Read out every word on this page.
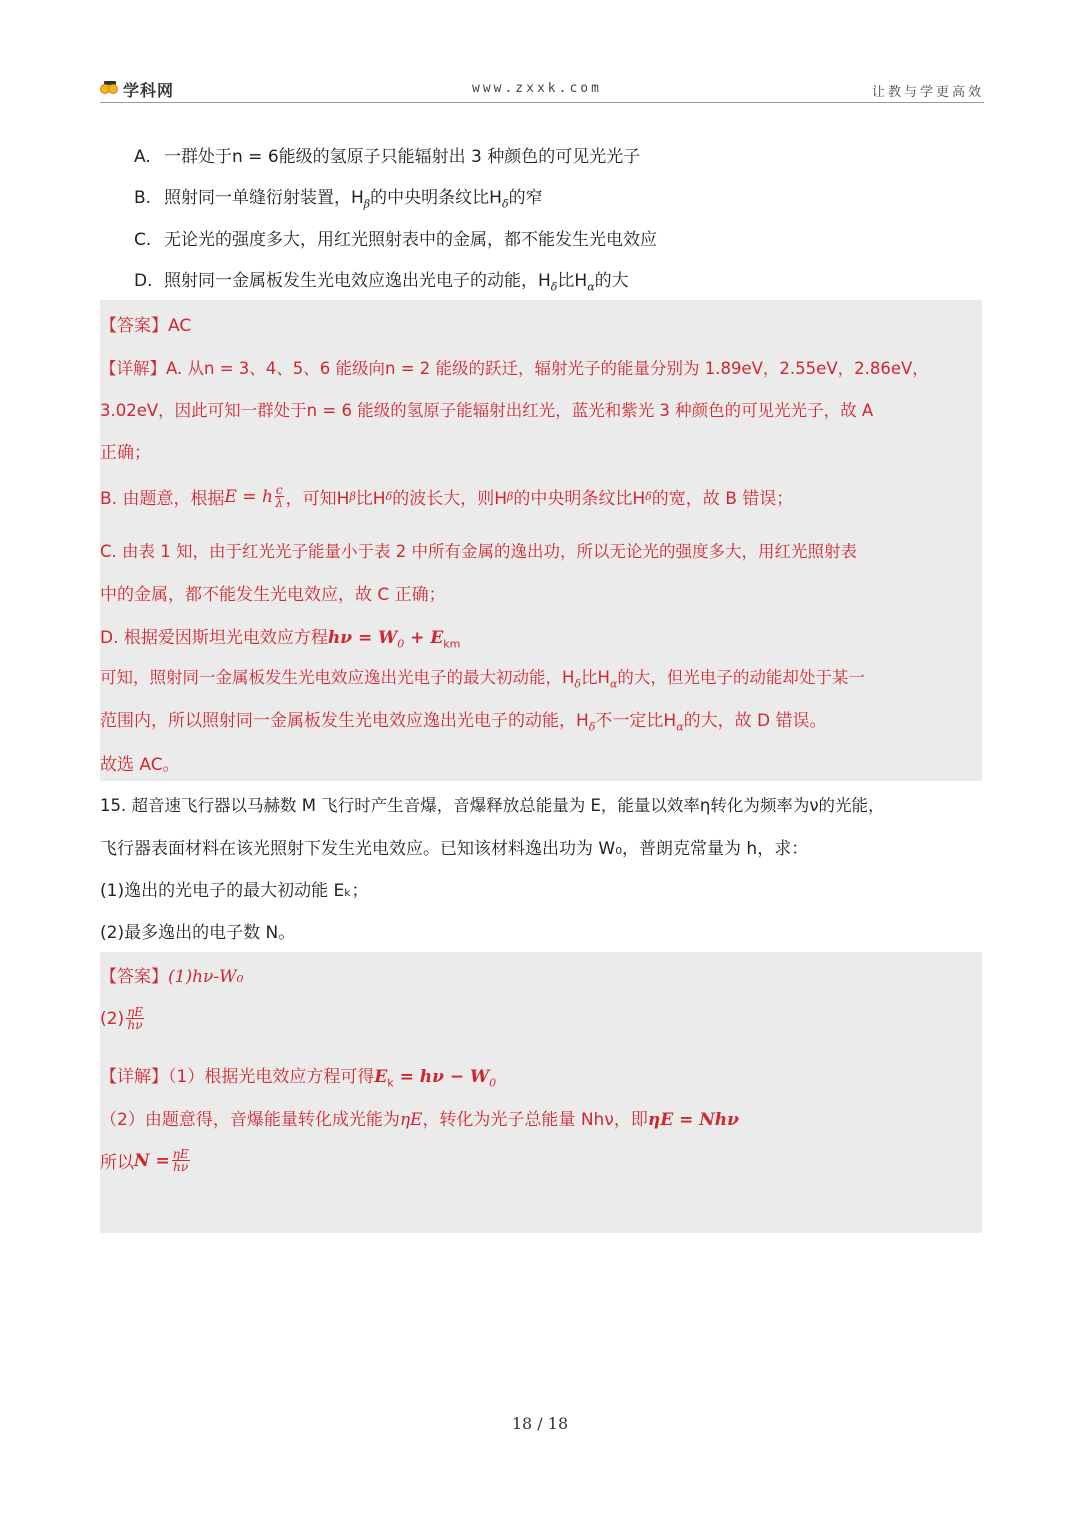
学科网	www.zxxk.com	让教与学更高效
A. 一群处于n = 6能级的氢原子只能辐射出 3 种颜色的可见光光子
B. 照射同一单缝衍射装置，$H_\beta$的中央明条纹比$H_\delta$的窄
C. 无论光的强度多大，用红光照射表中的金属，都不能发生光电效应
D. 照射同一金属板发生光电效应逸出光电子的动能，$H_\delta$比$H_\alpha$的大
【答案】AC
【详解】A. 从n = 3、4、5、6 能级向n = 2 能级的跃迁，辐射光子的能量分别为 1.89eV，2.55eV，2.86eV，
3.02eV，因此可知一群处于n = 6 能级的氢原子能辐射出红光，蓝光和紫光 3 种颜色的可见光光子，故 A
正确；
B. 由题意，根据 E = h $\frac{c}{\lambda}$ ，可知H β 比H δ 的波长大，则H β 的中央明条纹比H δ 的宽，故 B 错误；
C. 由表 1 知，由于红光光子能量小于表 2 中所有金属的逸出功，所以无论光的强度多大，用红光照射表
中的金属，都不能发生光电效应，故 C 正确；
D. 根据爱因斯坦光电效应方程$h\nu = W_0 + E_{km}$
可知，照射同一金属板发生光电效应逸出光电子的最大初动能，$H_\delta$比$H_\alpha$的大，但光电子的动能却处于某一
范围内，所以照射同一金属板发生光电效应逸出光电子的动能，$H_\delta$不一定比$H_\alpha$的大，故 D 错误。
故选 AC。
15. 超音速飞行器以马赫数 M 飞行时产生音爆，音爆释放总能量为 E，能量以效率η转化为频率为ν的光能，
飞行器表面材料在该光照射下发生光电效应。已知该材料逸出功为 W₀，普朗克常量为 h，求：
(1)逸出的光电子的最大初动能 Eₖ；
(2)最多逸出的电子数 N。
【答案】(1)hν-W₀
$(2) \frac{\eta E}{h\nu}$
【详解】（1）根据光电效应方程可得$E_k = h\nu - W_0$
（2）由题意得，音爆能量转化成光能为ηE，转化为光子总能量 Nhν，即ηE = Nhν
所以 $N = \frac{\eta E}{h\nu}$
18 / 18
